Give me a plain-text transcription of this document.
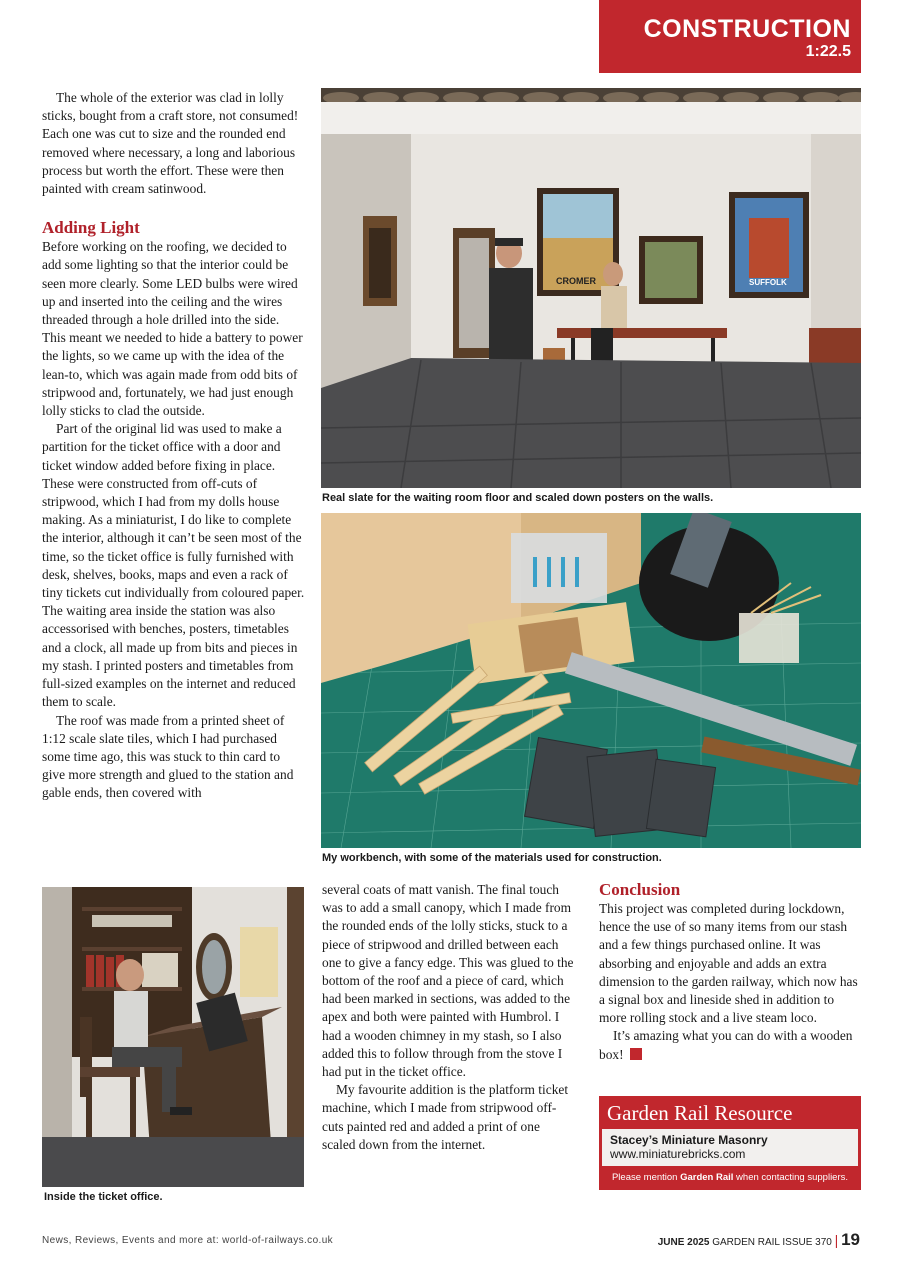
CONSTRUCTION
1:22.5

The whole of the exterior was clad in lolly sticks, bought from a craft store, not consumed! Each one was cut to size and the rounded end removed where necessary, a long and laborious process but worth the effort. These were then painted with cream satinwood.

Adding Light

Before working on the roofing, we decided to add some lighting so that the interior could be seen more clearly. Some LED bulbs were wired up and inserted into the ceiling and the wires threaded through a hole drilled into the side. This meant we needed to hide a battery to power the lights, so we came up with the idea of the lean-to, which was again made from odd bits of stripwood and, fortunately, we had just enough lolly sticks to clad the outside.

Part of the original lid was used to make a partition for the ticket office with a door and ticket window added before fixing in place. These were constructed from off-cuts of stripwood, which I had from my dolls house making. As a miniaturist, I do like to complete the interior, although it can’t be seen most of the time, so the ticket office is fully furnished with desk, shelves, books, maps and even a rack of tiny tickets cut individually from coloured paper. The waiting area inside the station was also accessorised with benches, posters, timetables and a clock, all made up from bits and pieces in my stash. I printed posters and timetables from full-sized examples on the internet and reduced them to scale.

The roof was made from a printed sheet of 1:12 scale slate tiles, which I had purchased some time ago, this was stuck to thin card to give more strength and glued to the station and gable ends, then covered with

CROMER	SUFFOLK
Real slate for the waiting room floor and scaled down posters on the walls.
My workbench, with some of the materials used for construction.
Inside the ticket office.

several coats of matt vanish. The final touch was to add a small canopy, which I made from the rounded ends of the lolly sticks, stuck to a piece of stripwood and drilled between each one to give a fancy edge. This was glued to the bottom of the roof and a piece of card, which had been marked in sections, was added to the apex and both were painted with Humbrol. I had a wooden chimney in my stash, so I also added this to follow through from the stove I had put in the ticket office.

My favourite addition is the platform ticket machine, which I made from stripwood off-cuts painted red and added a print of one scaled down from the internet.

Conclusion

This project was completed during lockdown, hence the use of so many items from our stash and a few things purchased online. It was absorbing and enjoyable and adds an extra dimension to the garden railway, which now has a signal box and lineside shed in addition to more rolling stock and a live steam loco.

It’s amazing what you can do with a wooden box!

Garden Rail Resource
Stacey’s Miniature Masonry
www.miniaturebricks.com
Please mention Garden Rail when contacting suppliers.
News, Reviews, Events and more at: world-of-railways.co.uk	JUNE 2025 GARDEN RAIL ISSUE 370 | 19
